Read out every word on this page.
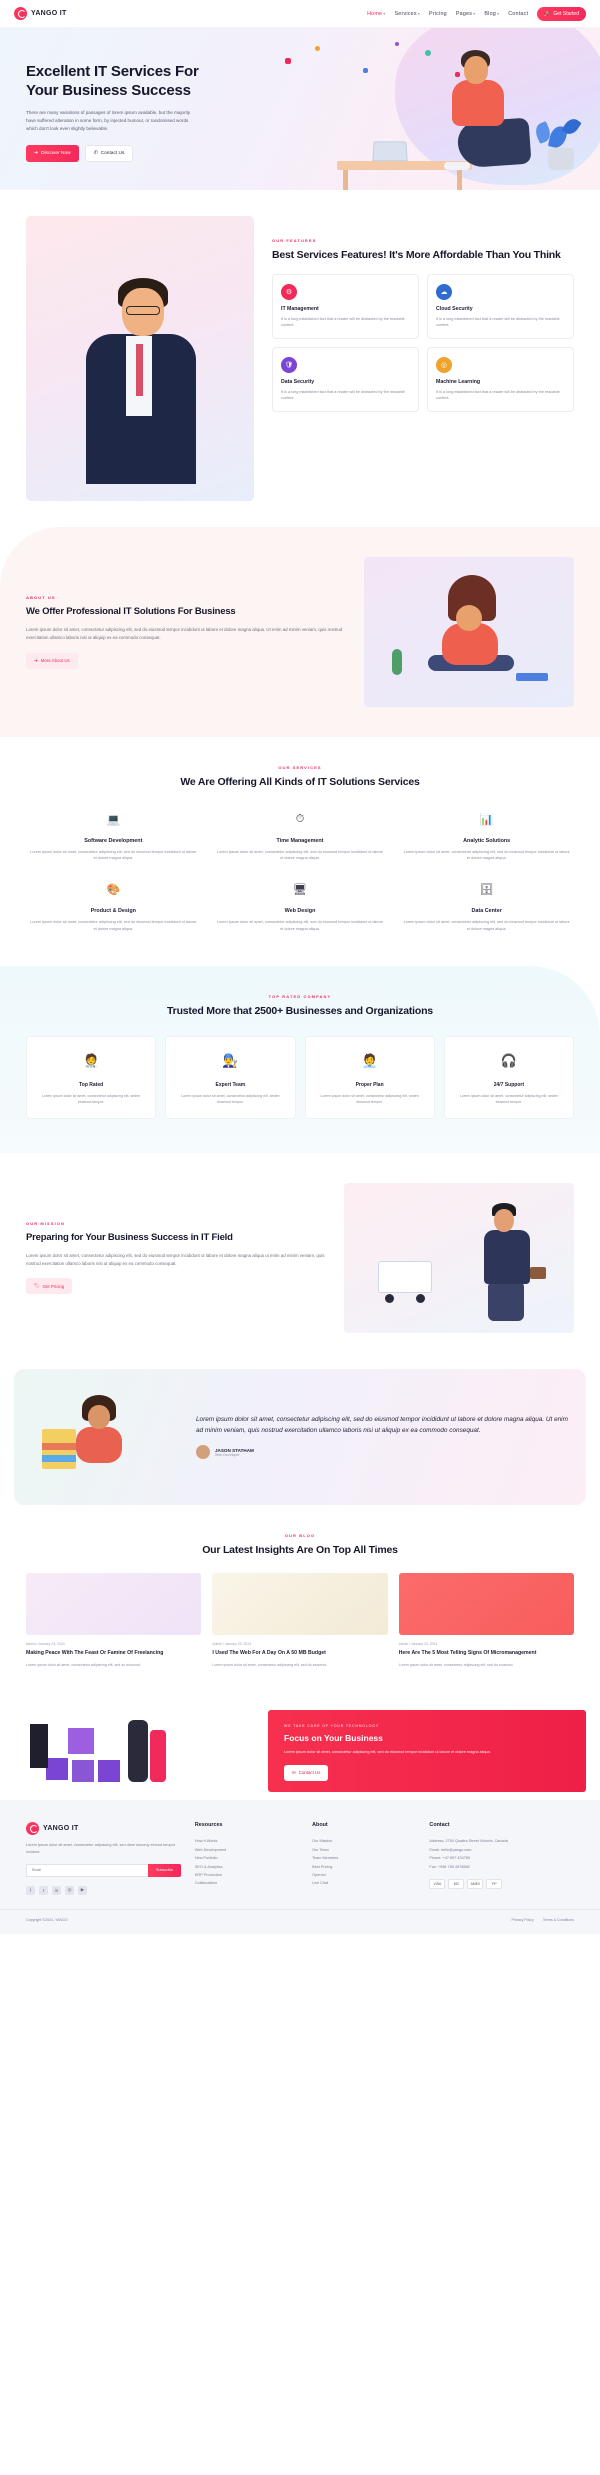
YANGO IT	Home▾ Services▾ Pricing Pages▾ Blog▾ Contact	🚀 Get Started
Excellent IT Services For Your Business Success

There are many variations of passages of lorem ipsum available, but the majority have suffered alteration in some form, by injected humour, or randomised words which don't look even slightly believable.

➜ Discover Now	✆ Contact Us
OUR FEATURES
Best Services Features! It's More Affordable Than You Think
⚙
IT Management

It is a long established fact that a reader will be distracted by the readable content.

☁
Cloud Security

It is a long established fact that a reader will be distracted by the readable content.

🛡
Data Security

It is a long established fact that a reader will be distracted by the readable content.

◎
Machine Learning

It is a long established fact that a reader will be distracted by the readable content.

ABOUT US
We Offer Professional IT Solutions For Business

Lorem ipsum dolor sit amet, consectetur adipiscing elit, sed do eiusmod tempor incididunt ut labore et dolore magna aliqua. Ut enim ad minim veniam, quis nostrud exercitation ullamco laboris nisi ut aliquip ex ea commodo consequat.

➜ More About Us
OUR SERVICES
We Are Offering All Kinds of IT Solutions Services
💻
Software Development

Lorem ipsum dolor sit amet, consectetur adipiscing elit, sed do eiusmod tempor incididunt ut labore et dolore magna aliqua.

⏱
Time Management

Lorem ipsum dolor sit amet, consectetur adipiscing elit, sed do eiusmod tempor incididunt ut labore et dolore magna aliqua.

📊
Analytic Solutions

Lorem ipsum dolor sit amet, consectetur adipiscing elit, sed do eiusmod tempor incididunt ut labore et dolore magna aliqua.

🎨
Product & Design

Lorem ipsum dolor sit amet, consectetur adipiscing elit, sed do eiusmod tempor incididunt ut labore et dolore magna aliqua.

🖥
Web Design

Lorem ipsum dolor sit amet, consectetur adipiscing elit, sed do eiusmod tempor incididunt ut labore et dolore magna aliqua.

🗄
Data Center

Lorem ipsum dolor sit amet, consectetur adipiscing elit, sed do eiusmod tempor incididunt ut labore et dolore magna aliqua.

TOP RATED COMPANY
Trusted More that 2500+ Businesses and Organizations
🧑‍⚕
Top Rated

Lorem ipsum dolor sit amet, consectetur adipiscing elit, seden eiusmod tempor.

👨‍🔧
Expert Team

Lorem ipsum dolor sit amet, consectetur adipiscing elit, seden eiusmod tempor.

🧑‍💼
Proper Plan

Lorem ipsum dolor sit amet, consectetur adipiscing elit, seden eiusmod tempor.

🎧
24/7 Support

Lorem ipsum dolor sit amet, consectetur adipiscing elit, seden eiusmod tempor.

OUR MISSION
Preparing for Your Business Success in IT Field

Lorem ipsum dolor sit amet, consectetur adipiscing elit, sed do eiusmod tempor incididunt ut labore et dolore magna aliqua ut enim ad minim veniam, quis nostrud exercitation ullamco laboris nisi ut aliquip ex ea commodo consequat.

🏷 Get Pricing
Lorem ipsum dolor sit amet, consectetur adipiscing elit, sed do eiusmod tempor incididunt ut labore et dolore magna aliqua. Ut enim ad minim veniam, quis nostrud exercitation ullamco laboris nisi ut aliquip ex ea commodo consequat.
JASON STATHAM
Web Developer
OUR BLOG
Our Latest Insights Are On Top All Times
Admin / January 23, 2024
Making Peace With The Feast Or Famine Of Freelancing
Lorem ipsum dolor sit amet, consectetur adipiscing elit, sed do eiusmod.
Admin / January 23, 2024
I Used The Web For A Day On A 50 MB Budget
Lorem ipsum dolor sit amet, consectetur adipiscing elit, sed do eiusmod.
Admin / January 23, 2024
Here Are The 5 Most Telling Signs Of Micromanagement
Lorem ipsum dolor sit amet, consectetur adipiscing elit, sed do eiusmod.
WE TAKE CARE OF YOUR TECHNOLOGY
Focus on Your Business

Lorem ipsum dolor sit amet, consectetur adipiscing elit, sed do eiusmod tempor incididunt ut labore et dolore magna aliqua.

✉ Contact Us
YANGO IT

Lorem ipsum dolor sit amet, consectetur adipiscing elit, sed diam nonumy eirmod tempor invidunt.

Email
Subscribe
f	t	in	◎	▶
Resources
How It Works
Web Development
New Portfolio
SEO & Analytics
ERP Production
Collaboration
About
Our Mission
Our Team
Team Members
Best Pricing
Opened
Live Chat
Contact
Address: 2750 Quadra Street Victoria, Canada
Email: hello@yango.com
Phone: +47 897 434789
Fax: +998 789 4578966
VISA	MC	AMEX	PP
Copyright ©2024, YANGO	Privacy Policy	Terms & Conditions
